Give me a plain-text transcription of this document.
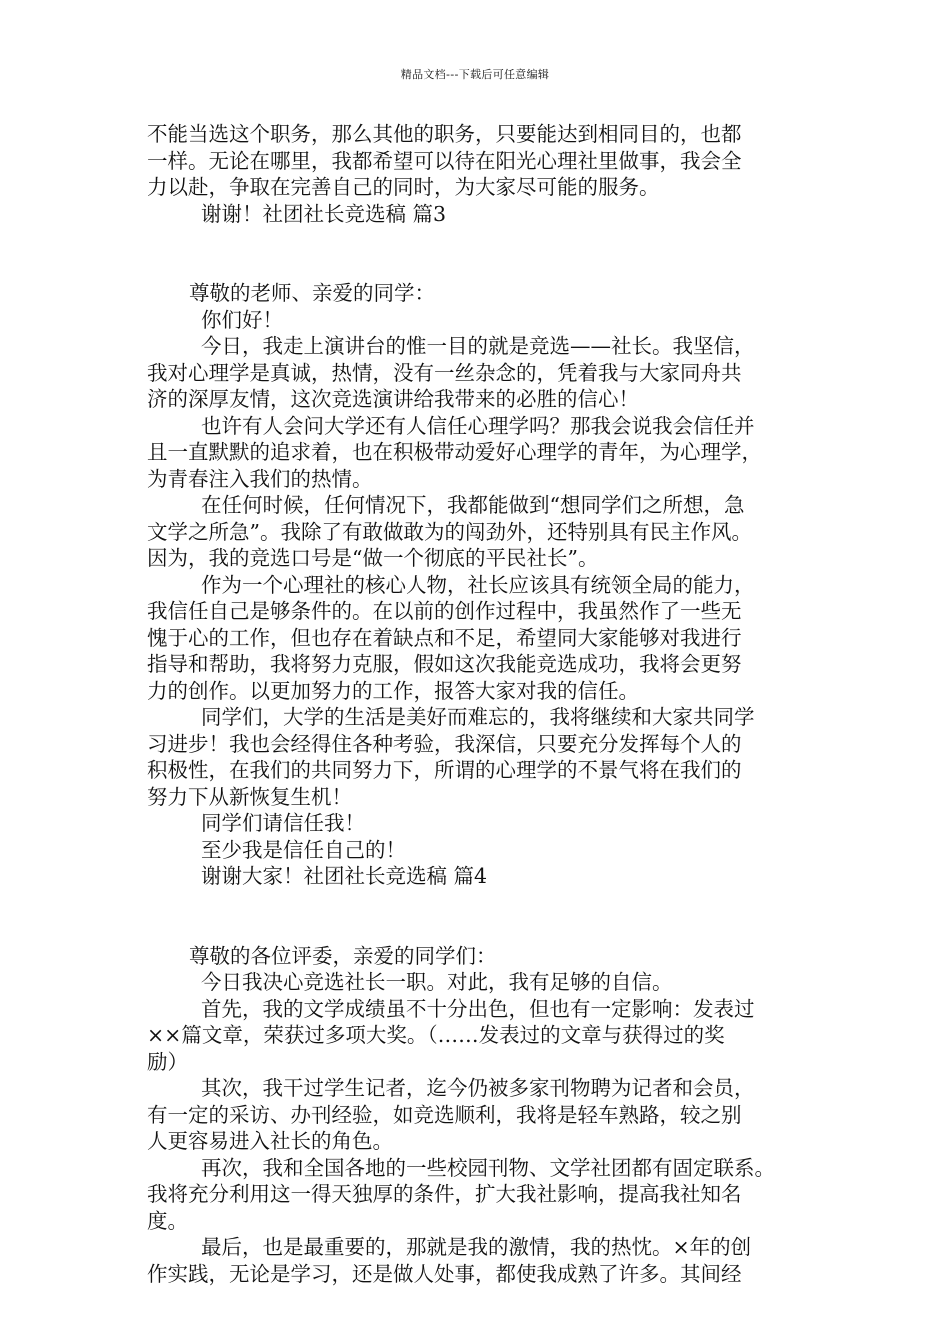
精品文档---下载后可任意编辑

不能当选这个职务，那么其他的职务，只要能达到相同目的，也都

一样。无论在哪里，我都希望可以待在阳光心理社里做事，我会全

力以赴，争取在完善自己的同时，为大家尽可能的服务。

谢谢！社团社长竞选稿 篇3

尊敬的老师、亲爱的同学：

你们好！

今日，我走上演讲台的惟一目的就是竞选——社长。我坚信，

我对心理学是真诚，热情，没有一丝杂念的，凭着我与大家同舟共

济的深厚友情，这次竞选演讲给我带来的必胜的信心！

也许有人会问大学还有人信任心理学吗？那我会说我会信任并

且一直默默的追求着，也在积极带动爱好心理学的青年，为心理学，

为青春注入我们的热情。

在任何时候，任何情况下，我都能做到“想同学们之所想，急

文学之所急”。我除了有敢做敢为的闯劲外，还特别具有民主作风。

因为，我的竞选口号是“做一个彻底的平民社长”。

作为一个心理社的核心人物，社长应该具有统领全局的能力，

我信任自己是够条件的。在以前的创作过程中，我虽然作了一些无

愧于心的工作，但也存在着缺点和不足，希望同大家能够对我进行

指导和帮助，我将努力克服，假如这次我能竞选成功，我将会更努

力的创作。以更加努力的工作，报答大家对我的信任。

同学们，大学的生活是美好而难忘的，我将继续和大家共同学

习进步！我也会经得住各种考验，我深信，只要充分发挥每个人的

积极性，在我们的共同努力下，所谓的心理学的不景气将在我们的

努力下从新恢复生机！

同学们请信任我！

至少我是信任自己的！

谢谢大家！社团社长竞选稿 篇4

尊敬的各位评委，亲爱的同学们：

今日我决心竞选社长一职。对此，我有足够的自信。

首先，我的文学成绩虽不十分出色，但也有一定影响：发表过

××篇文章，荣获过多项大奖。（……发表过的文章与获得过的奖

励）

其次，我干过学生记者，迄今仍被多家刊物聘为记者和会员，

有一定的采访、办刊经验，如竞选顺利，我将是轻车熟路，较之别

人更容易进入社长的角色。

再次，我和全国各地的一些校园刊物、文学社团都有固定联系。

我将充分利用这一得天独厚的条件，扩大我社影响，提高我社知名

度。

最后，也是最重要的，那就是我的激情，我的热忱。×年的创

作实践，无论是学习，还是做人处事，都使我成熟了许多。其间经
